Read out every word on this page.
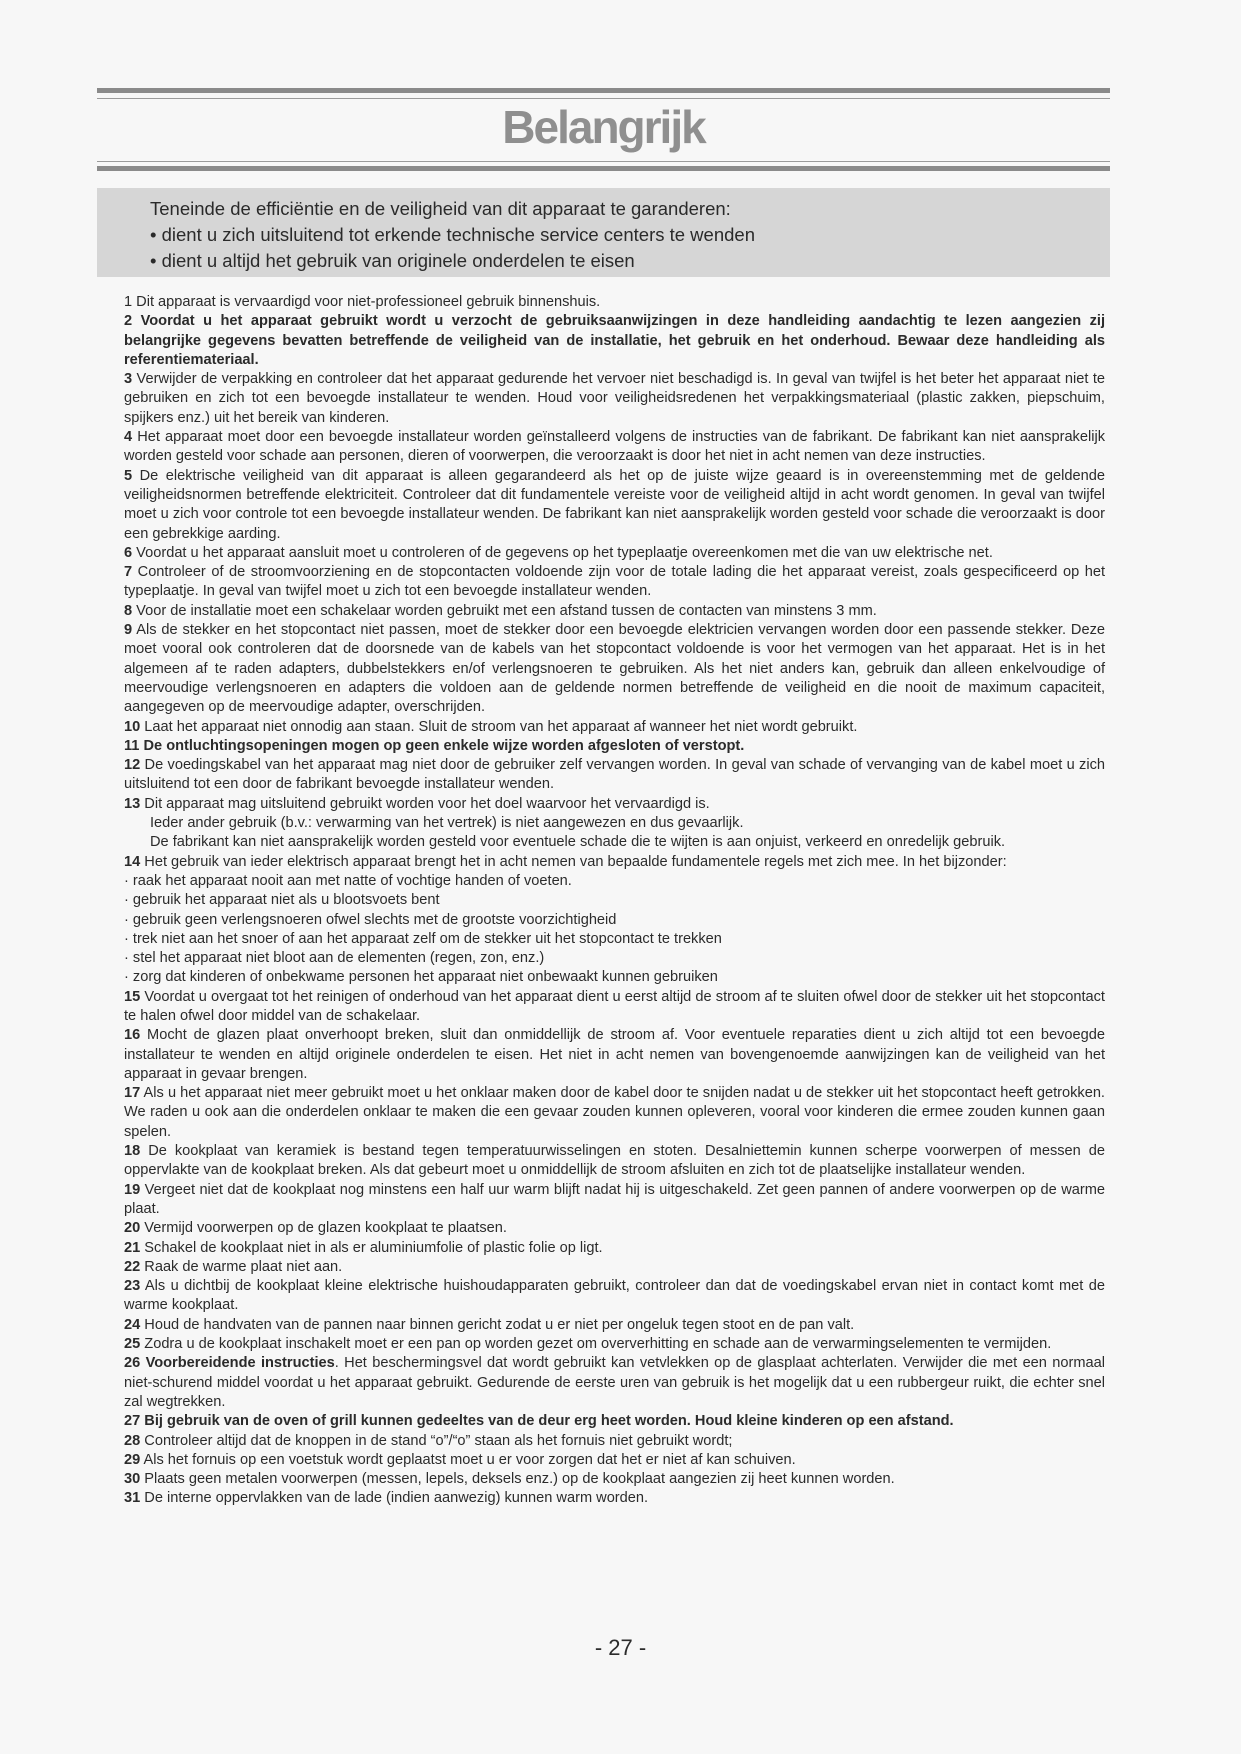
Belangrijk
Teneinde de efficiëntie en de veiligheid van dit apparaat te garanderen:
• dient u zich uitsluitend tot erkende technische service centers te wenden
• dient u altijd het gebruik van originele onderdelen te eisen

1 Dit apparaat is vervaardigd voor niet-professioneel gebruik binnenshuis.

2 Voordat u het apparaat gebruikt wordt u verzocht de gebruiksaanwijzingen in deze handleiding aandachtig te lezen aangezien zij belangrijke gegevens bevatten betreffende de veiligheid van de installatie, het gebruik en het onderhoud. Bewaar deze handleiding als referentiemateriaal.

3 Verwijder de verpakking en controleer dat het apparaat gedurende het vervoer niet beschadigd is. In geval van twijfel is het beter het apparaat niet te gebruiken en zich tot een bevoegde installateur te wenden. Houd voor veiligheidsredenen het verpakkingsmateriaal (plastic zakken, piepschuim, spijkers enz.) uit het bereik van kinderen.

4 Het apparaat moet door een bevoegde installateur worden geïnstalleerd volgens de instructies van de fabrikant. De fabrikant kan niet aansprakelijk worden gesteld voor schade aan personen, dieren of voorwerpen, die veroorzaakt is door het niet in acht nemen van deze instructies.

5 De elektrische veiligheid van dit apparaat is alleen gegarandeerd als het op de juiste wijze geaard is in overeenstemming met de geldende veiligheidsnormen betreffende elektriciteit. Controleer dat dit fundamentele vereiste voor de veiligheid altijd in acht wordt genomen. In geval van twijfel moet u zich voor controle tot een bevoegde installateur wenden. De fabrikant kan niet aansprakelijk worden gesteld voor schade die veroorzaakt is door een gebrekkige aarding.

6 Voordat u het apparaat aansluit moet u controleren of de gegevens op het typeplaatje overeenkomen met die van uw elektrische net.

7 Controleer of de stroomvoorziening en de stopcontacten voldoende zijn voor de totale lading die het apparaat vereist, zoals gespecificeerd op het typeplaatje. In geval van twijfel moet u zich tot een bevoegde installateur wenden.

8 Voor de installatie moet een schakelaar worden gebruikt met een afstand tussen de contacten van minstens 3 mm.

9 Als de stekker en het stopcontact niet passen, moet de stekker door een bevoegde elektricien vervangen worden door een passende stekker. Deze moet vooral ook controleren dat de doorsnede van de kabels van het stopcontact voldoende is voor het vermogen van het apparaat. Het is in het algemeen af te raden adapters, dubbelstekkers en/of verlengsnoeren te gebruiken. Als het niet anders kan, gebruik dan alleen enkelvoudige of meervoudige verlengsnoeren en adapters die voldoen aan de geldende normen betreffende de veiligheid en die nooit de maximum capaciteit, aangegeven op de meervoudige adapter, overschrijden.

10 Laat het apparaat niet onnodig aan staan. Sluit de stroom van het apparaat af wanneer het niet wordt gebruikt.

11 De ontluchtingsopeningen mogen op geen enkele wijze worden afgesloten of verstopt.

12 De voedingskabel van het apparaat mag niet door de gebruiker zelf vervangen worden. In geval van schade of vervanging van de kabel moet u zich uitsluitend tot een door de fabrikant bevoegde installateur wenden.

13 Dit apparaat mag uitsluitend gebruikt worden voor het doel waarvoor het vervaardigd is.

Ieder ander gebruik (b.v.: verwarming van het vertrek) is niet aangewezen en dus gevaarlijk.

De fabrikant kan niet aansprakelijk worden gesteld voor eventuele schade die te wijten is aan onjuist, verkeerd en onredelijk gebruik.

14 Het gebruik van ieder elektrisch apparaat brengt het in acht nemen van bepaalde fundamentele regels met zich mee. In het bijzonder:

· raak het apparaat nooit aan met natte of vochtige handen of voeten.

· gebruik het apparaat niet als u blootsvoets bent

· gebruik geen verlengsnoeren ofwel slechts met de grootste voorzichtigheid

· trek niet aan het snoer of aan het apparaat zelf om de stekker uit het stopcontact te trekken

· stel het apparaat niet bloot aan de elementen (regen, zon, enz.)

· zorg dat kinderen of onbekwame personen het apparaat niet onbewaakt kunnen gebruiken

15 Voordat u overgaat tot het reinigen of onderhoud van het apparaat dient u eerst altijd de stroom af te sluiten ofwel door de stekker uit het stopcontact te halen ofwel door middel van de schakelaar.

16 Mocht de glazen plaat onverhoopt breken, sluit dan onmiddellijk de stroom af. Voor eventuele reparaties dient u zich altijd tot een bevoegde installateur te wenden en altijd originele onderdelen te eisen. Het niet in acht nemen van bovengenoemde aanwijzingen kan de veiligheid van het apparaat in gevaar brengen.

17 Als u het apparaat niet meer gebruikt moet u het onklaar maken door de kabel door te snijden nadat u de stekker uit het stopcontact heeft getrokken. We raden u ook aan die onderdelen onklaar te maken die een gevaar zouden kunnen opleveren, vooral voor kinderen die ermee zouden kunnen gaan spelen.

18 De kookplaat van keramiek is bestand tegen temperatuurwisselingen en stoten. Desalniettemin kunnen scherpe voorwerpen of messen de oppervlakte van de kookplaat breken. Als dat gebeurt moet u onmiddellijk de stroom afsluiten en zich tot de plaatselijke installateur wenden.

19 Vergeet niet dat de kookplaat nog minstens een half uur warm blijft nadat hij is uitgeschakeld. Zet geen pannen of andere voorwerpen op de warme plaat.

20 Vermijd voorwerpen op de glazen kookplaat te plaatsen.

21 Schakel de kookplaat niet in als er aluminiumfolie of plastic folie op ligt.

22 Raak de warme plaat niet aan.

23 Als u dichtbij de kookplaat kleine elektrische huishoudapparaten gebruikt, controleer dan dat de voedingskabel ervan niet in contact komt met de warme kookplaat.

24 Houd de handvaten van de pannen naar binnen gericht zodat u er niet per ongeluk tegen stoot en de pan valt.

25 Zodra u de kookplaat inschakelt moet er een pan op worden gezet om oververhitting en schade aan de verwarmingselementen te vermijden.

26 Voorbereidende instructies. Het beschermingsvel dat wordt gebruikt kan vetvlekken op de glasplaat achterlaten. Verwijder die met een normaal niet-schurend middel voordat u het apparaat gebruikt. Gedurende de eerste uren van gebruik is het mogelijk dat u een rubbergeur ruikt, die echter snel zal wegtrekken.

27 Bij gebruik van de oven of grill kunnen gedeeltes van de deur erg heet worden. Houd kleine kinderen op een afstand.

28 Controleer altijd dat de knoppen in de stand “o”/“o” staan als het fornuis niet gebruikt wordt;

29 Als het fornuis op een voetstuk wordt geplaatst moet u er voor zorgen dat het er niet af kan schuiven.

30 Plaats geen metalen voorwerpen (messen, lepels, deksels enz.) op de kookplaat aangezien zij heet kunnen worden.

31 De interne oppervlakken van de lade (indien aanwezig) kunnen warm worden.

- 27 -
